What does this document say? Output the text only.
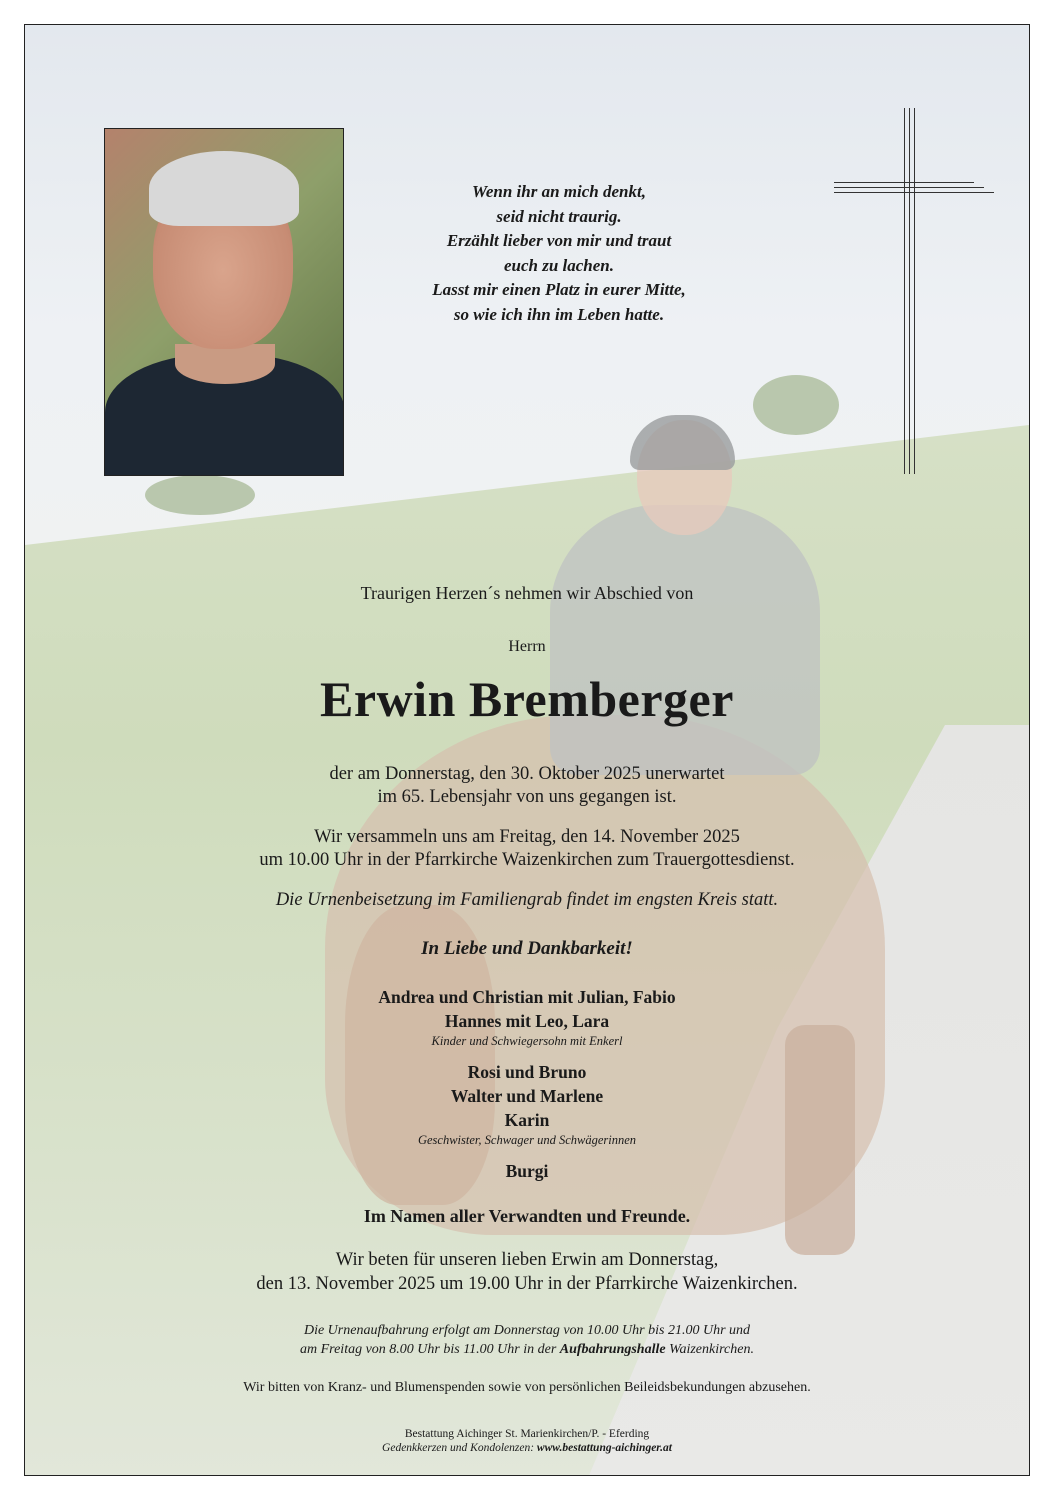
Wenn ihr an mich denkt,
seid nicht traurig.
Erzählt lieber von mir und traut
euch zu lachen.
Lasst mir einen Platz in eurer Mitte,
so wie ich ihn im Leben hatte.
Traurigen Herzen´s nehmen wir Abschied von
Herrn
Erwin Bremberger
der am Donnerstag, den 30. Oktober 2025 unerwartet
im 65. Lebensjahr von uns gegangen ist.
Wir versammeln uns am Freitag, den 14. November 2025
um 10.00 Uhr in der Pfarrkirche Waizenkirchen zum Trauergottesdienst.
Die Urnenbeisetzung im Familiengrab findet im engsten Kreis statt.
In Liebe und Dankbarkeit!
Andrea und Christian mit Julian, Fabio
Hannes mit Leo, Lara
Kinder und Schwiegersohn mit Enkerl
Rosi und Bruno
Walter und Marlene
Karin
Geschwister, Schwager und Schwägerinnen
Burgi
Im Namen aller Verwandten und Freunde.
Wir beten für unseren lieben Erwin am Donnerstag,
den 13. November 2025 um 19.00 Uhr in der Pfarrkirche Waizenkirchen.
Die Urnenaufbahrung erfolgt am Donnerstag von 10.00 Uhr bis 21.00 Uhr und
am Freitag von 8.00 Uhr bis 11.00 Uhr in der Aufbahrungshalle Waizenkirchen.
Wir bitten von Kranz- und Blumenspenden sowie von persönlichen Beileidsbekundungen abzusehen.
Bestattung Aichinger St. Marienkirchen/P. - Eferding
Gedenkkerzen und Kondolenzen: www.bestattung-aichinger.at
